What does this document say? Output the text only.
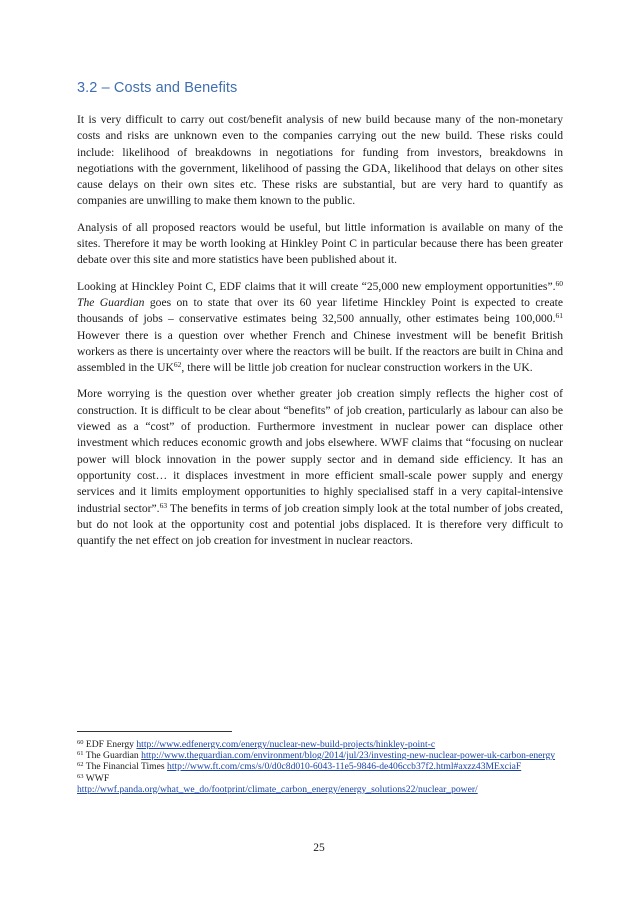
3.2 – Costs and Benefits

It is very difficult to carry out cost/benefit analysis of new build because many of the non-monetary costs and risks are unknown even to the companies carrying out the new build. These risks could include: likelihood of breakdowns in negotiations for funding from investors, breakdowns in negotiations with the government, likelihood of passing the GDA, likelihood that delays on other sites cause delays on their own sites etc. These risks are substantial, but are very hard to quantify as companies are unwilling to make them known to the public.

Analysis of all proposed reactors would be useful, but little information is available on many of the sites. Therefore it may be worth looking at Hinkley Point C in particular because there has been greater debate over this site and more statistics have been published about it.

Looking at Hinckley Point C, EDF claims that it will create “25,000 new employment opportunities”.$^{60}$ The Guardian goes on to state that over its 60 year lifetime Hinckley Point is expected to create thousands of jobs – conservative estimates being 32,500 annually, other estimates being 100,000.61 However there is a question over whether French and Chinese investment will be benefit British workers as there is uncertainty over where the reactors will be built. If the reactors are built in China and assembled in the UK$^{62}$, there will be little job creation for nuclear construction workers in the UK.

More worrying is the question over whether greater job creation simply reflects the higher cost of construction. It is difficult to be clear about “benefits” of job creation, particularly as labour can also be viewed as a “cost” of production. Furthermore investment in nuclear power can displace other investment which reduces economic growth and jobs elsewhere. WWF claims that “focusing on nuclear power will block innovation in the power supply sector and in demand side efficiency. It has an opportunity cost… it displaces investment in more efficient small-scale power supply and energy services and it limits employment opportunities to highly specialised staff in a very capital-intensive industrial sector”.$^{63}$ The benefits in terms of job creation simply look at the total number of jobs created, but do not look at the opportunity cost and potential jobs displaced. It is therefore very difficult to quantify the net effect on job creation for investment in nuclear reactors.

$^{60}$ EDF Energy http://www.edfenergy.com/energy/nuclear-new-build-projects/hinkley-point-c
$^{61}$ The Guardian http://www.theguardian.com/environment/blog/2014/jul/23/investing-new-nuclear-power-uk-carbon-energy
$^{62}$ The Financial Times http://www.ft.com/cms/s/0/d0c8d010-6043-11e5-9846-de406ccb37f2.html#axzz43MExciaF
$^{63}$ WWF
http://wwf.panda.org/what_we_do/footprint/climate_carbon_energy/energy_solutions22/nuclear_power/
25
